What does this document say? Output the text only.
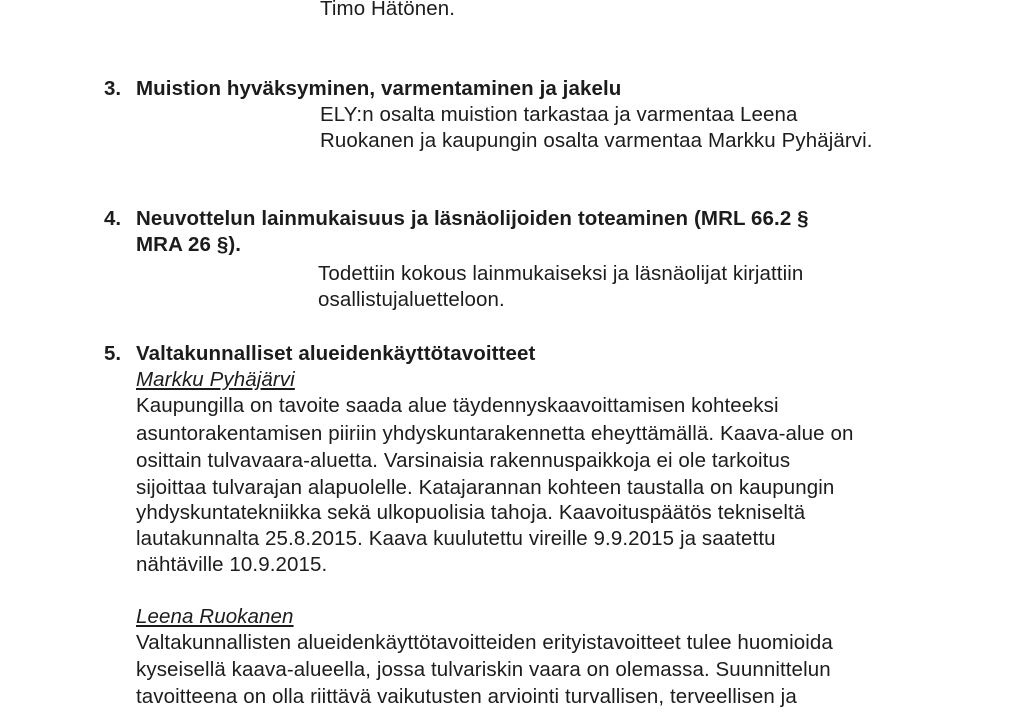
Timo Hätönen.
3. Muistion hyväksyminen, varmentaminen ja jakelu
ELY:n osalta muistion tarkastaa ja varmentaa Leena
Ruokanen ja kaupungin osalta varmentaa Markku Pyhäjärvi.
4. Neuvottelun lainmukaisuus ja läsnäolijoiden toteaminen (MRL 66.2 §
MRA 26 §).
Todettiin kokous lainmukaiseksi ja läsnäolijat kirjattiin
osallistujaluetteloon.
5. Valtakunnalliset alueidenkäyttötavoitteet
Markku Pyhäjärvi
Kaupungilla on tavoite saada alue täydennyskaavoittamisen kohteeksi
asuntorakentamisen piiriin yhdyskuntarakennetta eheyttämällä. Kaava-alue on
osittain tulvavaara-aluetta. Varsinaisia rakennuspaikkoja ei ole tarkoitus
sijoittaa tulvarajan alapuolelle. Katajarannan kohteen taustalla on kaupungin
yhdyskuntatekniikka sekä ulkopuolisia tahoja. Kaavoituspäätös tekniseltä
lautakunnalta 25.8.2015. Kaava kuulutettu vireille 9.9.2015 ja saatettu
nähtäville 10.9.2015.
Leena Ruokanen
Valtakunnallisten alueidenkäyttötavoitteiden erityistavoitteet tulee huomioida
kyseisellä kaava-alueella, jossa tulvariskin vaara on olemassa. Suunnittelun
tavoitteena on olla riittävä vaikutusten arviointi turvallisen, terveellisen ja
